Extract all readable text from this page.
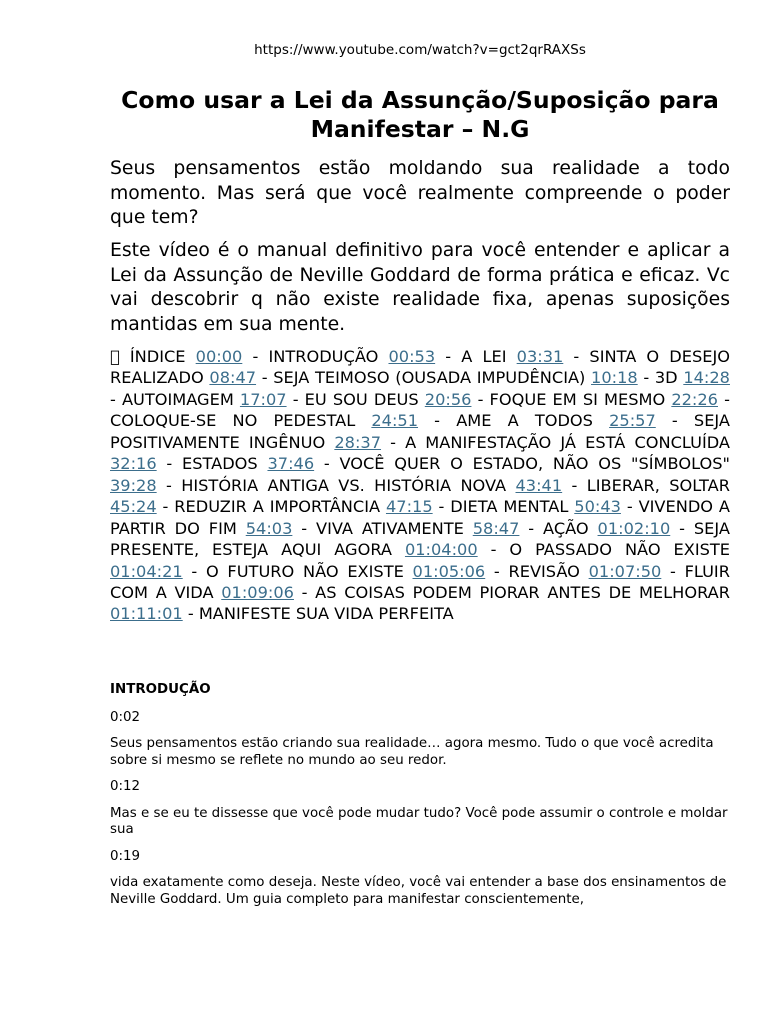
https://www.youtube.com/watch?v=gct2qrRAXSs
Como usar a Lei da Assunção/Suposição para Manifestar – N.G

Seus pensamentos estão moldando sua realidade a todo momento. Mas será que você realmente compreende o poder que tem?

Este vídeo é o manual definitivo para você entender e aplicar a Lei da Assunção de Neville Goddard de forma prática e eficaz. Vc vai descobrir q não existe realidade fixa, apenas suposições mantidas em sua mente.

󰎇 ÍNDICE 00:00 - INTRODUÇÃO 00:53 - A LEI 03:31 - SINTA O DESEJO REALIZADO 08:47 - SEJA TEIMOSO (OUSADA IMPUDÊNCIA) 10:18 - 3D 14:28 - AUTOIMAGEM 17:07 - EU SOU DEUS 20:56 - FOQUE EM SI MESMO 22:26 - COLOQUE-SE NO PEDESTAL 24:51 - AME A TODOS 25:57 - SEJA POSITIVAMENTE INGÊNUO 28:37 - A MANIFESTAÇÃO JÁ ESTÁ CONCLUÍDA 32:16 - ESTADOS 37:46 - VOCÊ QUER O ESTADO, NÃO OS "SÍMBOLOS" 39:28 - HISTÓRIA ANTIGA VS. HISTÓRIA NOVA 43:41 - LIBERAR, SOLTAR 45:24 - REDUZIR A IMPORTÂNCIA 47:15 - DIETA MENTAL 50:43 - VIVENDO A PARTIR DO FIM 54:03 - VIVA ATIVAMENTE 58:47 - AÇÃO 01:02:10 - SEJA PRESENTE, ESTEJA AQUI AGORA 01:04:00 - O PASSADO NÃO EXISTE 01:04:21 - O FUTURO NÃO EXISTE 01:05:06 - REVISÃO 01:07:50 - FLUIR COM A VIDA 01:09:06 - AS COISAS PODEM PIORAR ANTES DE MELHORAR 01:11:01 - MANIFESTE SUA VIDA PERFEITA

INTRODUÇÃO
0:02
Seus pensamentos estão criando sua realidade… agora mesmo. Tudo o que você acredita sobre si mesmo se reflete no mundo ao seu redor.
0:12
Mas e se eu te dissesse que você pode mudar tudo? Você pode assumir o controle e moldar sua
0:19
vida exatamente como deseja. Neste vídeo, você vai entender a base dos ensinamentos de Neville Goddard. Um guia completo para manifestar conscientemente,
